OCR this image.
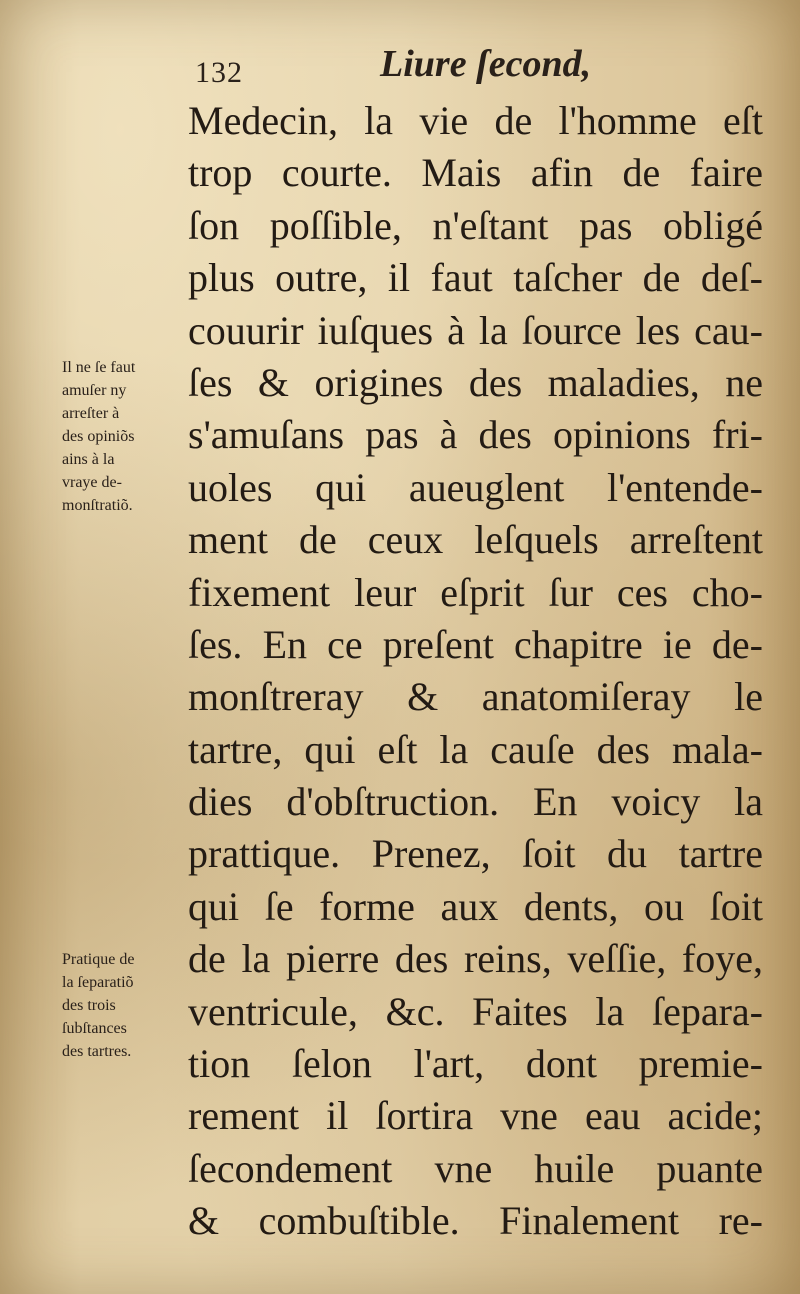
132	Liure ſecond,
Medecin, la vie de l'homme eſt
trop courte. Mais afin de faire
ſon poſſible, n'eſtant pas obligé
plus outre, il faut taſcher de deſ-
couurir iuſques à la ſource les cau-
ſes & origines des maladies, ne
s'amuſans pas à des opinions fri-
uoles qui aueuglent l'entende-
ment de ceux leſquels arreſtent
fixement leur eſprit ſur ces cho-
ſes. En ce preſent chapitre ie de-
monſtreray & anatomiſeray le
tartre, qui eſt la cauſe des mala-
dies d'obſtruction. En voicy la
prattique. Prenez, ſoit du tartre
qui ſe forme aux dents, ou ſoit
de la pierre des reins, veſſie, foye,
ventricule, &c. Faites la ſepara-
tion ſelon l'art, dont premie-
rement il ſortira vne eau acide;
ſecondement vne huile puante
& combuſtible. Finalement re-
Il ne ſe faut
amuſer ny
arreſter à
des opiniõs
ains à la
vraye de-
monſtratiõ.
Pratique de
la ſeparatiõ
des trois
ſubſtances
des tartres.
